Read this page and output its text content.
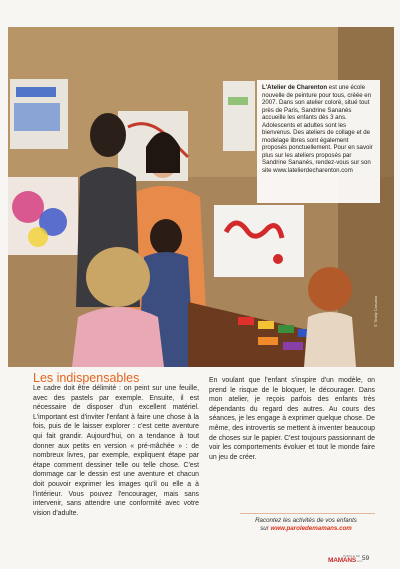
© Teddy Caruana

L'Atelier de Charenton est une école nouvelle de peinture pour tous, créée en 2007. Dans son atelier coloré, situé tout près de Paris, Sandrine Sananès accueille les enfants dès 3 ans. Adolescents et adultes sont les bienvenus. Des ateliers de collage et de modelage libres sont également proposés ponctuellement. Pour en savoir plus sur les ateliers proposés par Sandrine Sananès, rendez-vous sur son site www.latelierdecharenton.com

Les indispensables

Le cadre doit être délimité : on peint sur une feuille, avec des pastels par exemple. Ensuite, il est nécessaire de disposer d'un excellent matériel. L'important est d'inviter l'enfant à faire une chose à la fois, puis de le laisser explorer : c'est cette aventure qui fait grandir. Aujourd'hui, on a tendance à tout donner aux petits en version « pré-mâchée » : de nombreux livres, par exemple, expliquent étape par étape comment dessiner telle ou telle chose. C'est dommage car le dessin est une aventure et chacun doit pouvoir exprimer les images qu'il ou elle a à l'intérieur. Vous pouvez l'encourager, mais sans intervenir, sans attendre une conformité avec votre vision d'adulte.

En voulant que l'enfant s'inspire d'un modèle, on prend le risque de le bloquer, le décourager. Dans mon atelier, je reçois parfois des enfants très dépendants du regard des autres. Au cours des séances, je les engage à exprimer quelque chose. De même, des introvertis se mettent à inventer beaucoup de choses sur le papier. C'est toujours passionnant de voir les comportements évoluer et tout le monde faire un jeu de créer.

Racontez les activités de vos enfants
sur www.paroledemamans.com
PAROLE DE
MAMANS.com 59
